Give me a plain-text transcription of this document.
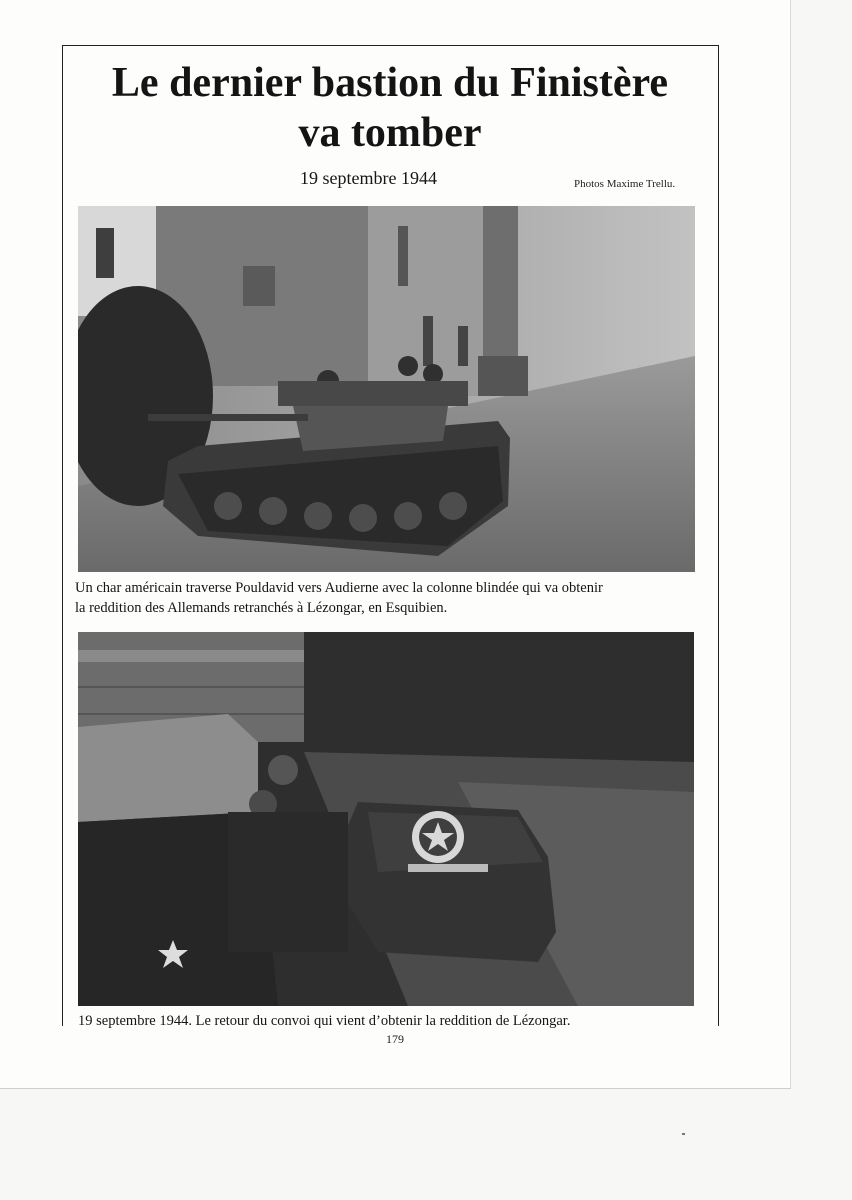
Le dernier bastion du Finistère
va tomber
19 septembre 1944	Photos Maxime Trellu.
Un char américain traverse Pouldavid vers Audierne avec la colonne blindée qui va obtenir
la reddition des Allemands retranchés à Lézongar, en Esquibien.
19 septembre 1944. Le retour du convoi qui vient d’obtenir la reddition de Lézongar.
179
